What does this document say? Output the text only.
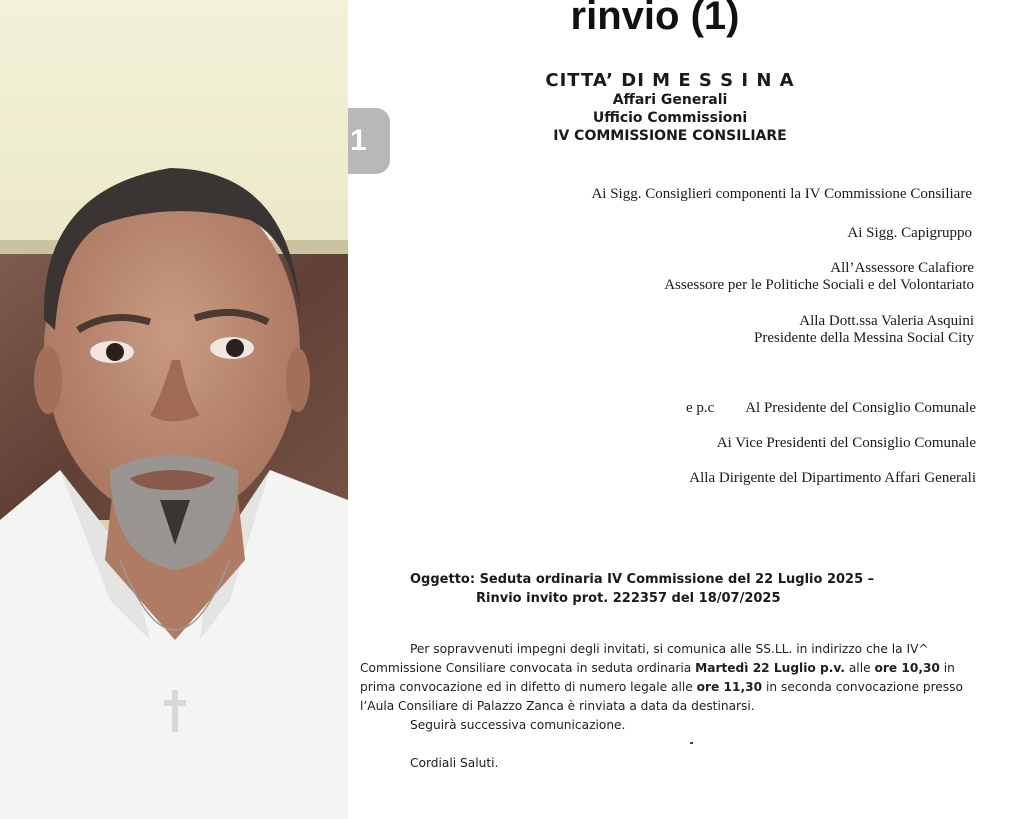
1
rinvio (1)
CITTA’ DI M E S S I N A
Affari Generali
Ufficio Commissioni
IV COMMISSIONE CONSILIARE
Ai Sigg. Consiglieri componenti la IV Commissione Consiliare
Ai Sigg. Capigruppo
All’Assessore Calafiore
Assessore per le Politiche Sociali e del Volontariato
Alla Dott.ssa Valeria Asquini
Presidente della Messina Social City
e p.c	Al Presidente del Consiglio Comunale
Ai Vice Presidenti del Consiglio Comunale
Alla Dirigente del Dipartimento Affari Generali
Oggetto: Seduta ordinaria IV Commissione del 22 Luglio 2025 –
Rinvio invito prot. 222357 del 18/07/2025

Per sopravvenuti impegni degli invitati, si comunica alle SS.LL. in indirizzo che la IV^

Commissione Consiliare convocata in seduta ordinaria Martedì 22 Luglio p.v. alle ore 10,30 in

prima convocazione ed in difetto di numero legale alle ore 11,30 in seconda convocazione presso

l’Aula Consiliare di Palazzo Zanca è rinviata a data da destinarsi.

Seguirà successiva comunicazione.

Cordiali Saluti.
